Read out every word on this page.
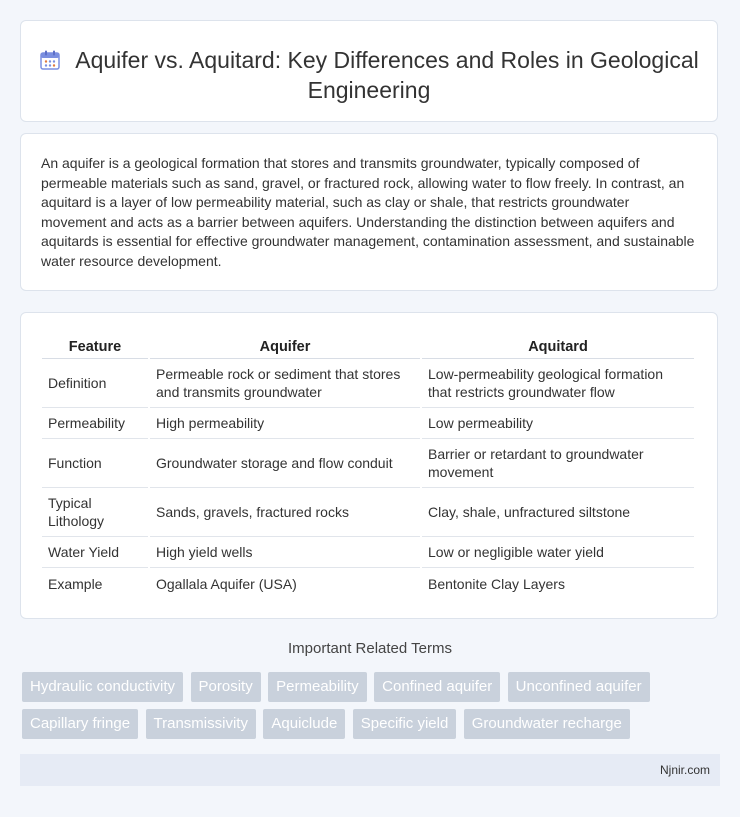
Aquifer vs. Aquitard: Key Differences and Roles in Geological Engineering

An aquifer is a geological formation that stores and transmits groundwater, typically composed of permeable materials such as sand, gravel, or fractured rock, allowing water to flow freely. In contrast, an aquitard is a layer of low permeability material, such as clay or shale, that restricts groundwater movement and acts as a barrier between aquifers. Understanding the distinction between aquifers and aquitards is essential for effective groundwater management, contamination assessment, and sustainable water resource development.

Feature	Aquifer	Aquitard
Definition	Permeable rock or sediment that stores and transmits groundwater	Low-permeability geological formation that restricts groundwater flow
Permeability	High permeability	Low permeability
Function	Groundwater storage and flow conduit	Barrier or retardant to groundwater movement
Typical Lithology	Sands, gravels, fractured rocks	Clay, shale, unfractured siltstone
Water Yield	High yield wells	Low or negligible water yield
Example	Ogallala Aquifer (USA)	Bentonite Clay Layers
Important Related Terms
Hydraulic conductivity Porosity Permeability Confined aquifer Unconfined aquifer Capillary fringe Transmissivity Aquiclude Specific yield Groundwater recharge
Njnir.com
